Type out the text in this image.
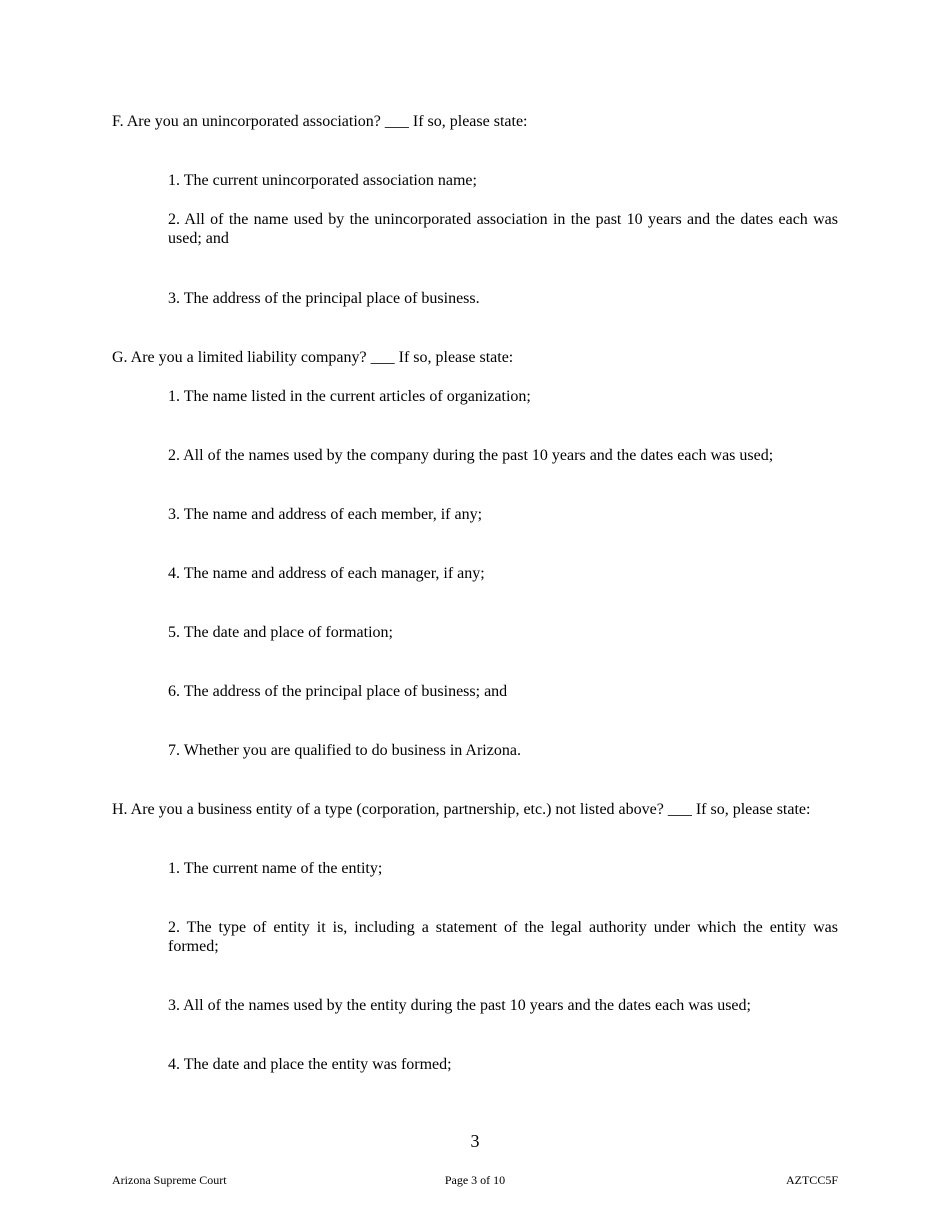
F. Are you an unincorporated association? ___ If so, please state:
1. The current unincorporated association name;
2. All of the name used by the unincorporated association in the past 10 years and the dates each was used; and
3. The address of the principal place of business.
G. Are you a limited liability company? ___ If so, please state:
1. The name listed in the current articles of organization;
2. All of the names used by the company during the past 10 years and the dates each was used;
3. The name and address of each member, if any;
4. The name and address of each manager, if any;
5. The date and place of formation;
6. The address of the principal place of business; and
7. Whether you are qualified to do business in Arizona.
H. Are you a business entity of a type (corporation, partnership, etc.) not listed above? ___ If so, please state:
1. The current name of the entity;
2. The type of entity it is, including a statement of the legal authority under which the entity was formed;
3. All of the names used by the entity during the past 10 years and the dates each was used;
4. The date and place the entity was formed;
3
Arizona Supreme Court	Page 3 of 10	AZTCC5F
